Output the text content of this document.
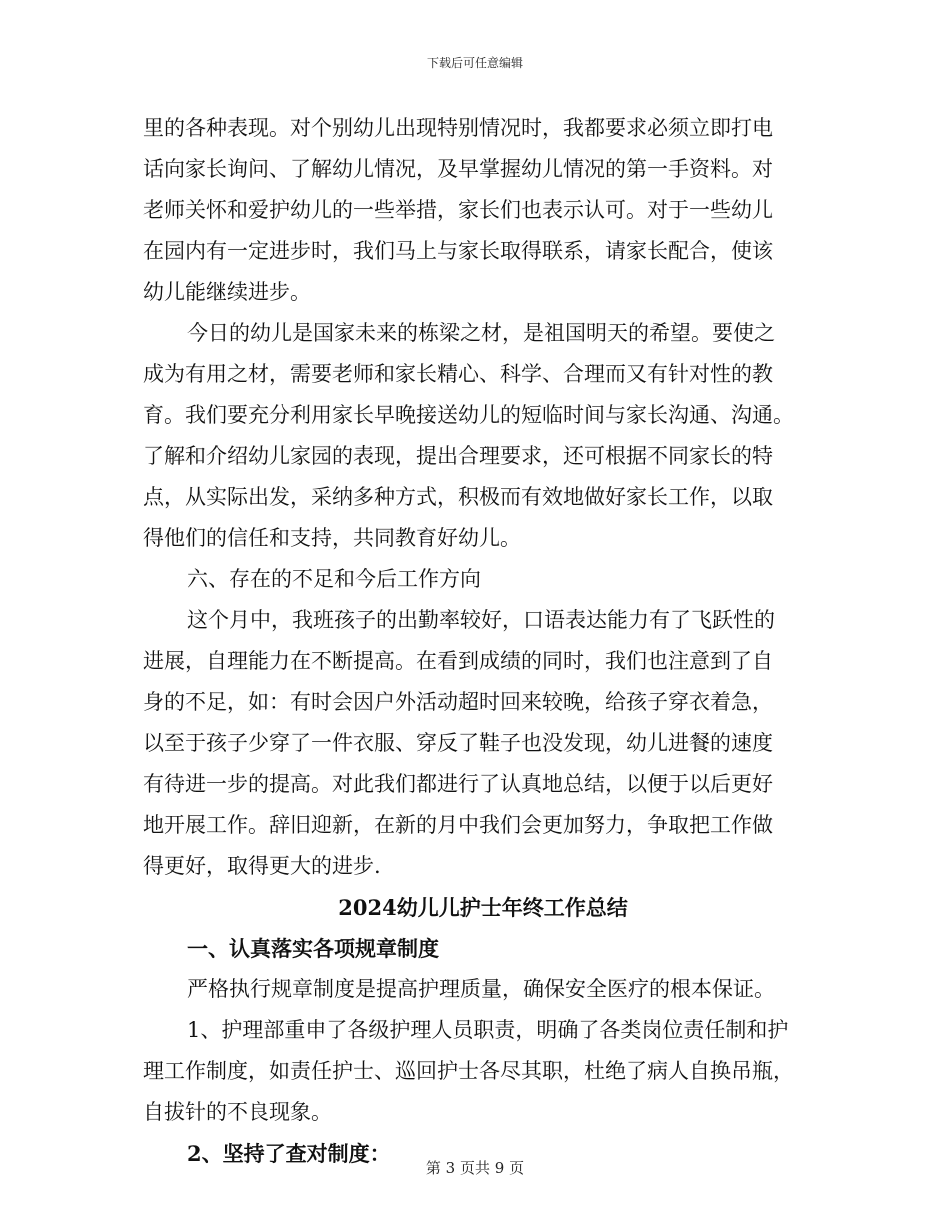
下载后可任意编辑
里的各种表现。对个别幼儿出现特别情况时，我都要求必须立即打电
话向家长询问、了解幼儿情况，及早掌握幼儿情况的第一手资料。对
老师关怀和爱护幼儿的一些举措，家长们也表示认可。对于一些幼儿
在园内有一定进步时，我们马上与家长取得联系，请家长配合，使该
幼儿能继续进步。
今日的幼儿是国家未来的栋梁之材，是祖国明天的希望。要使之
成为有用之材，需要老师和家长精心、科学、合理而又有针对性的教
育。我们要充分利用家长早晚接送幼儿的短临时间与家长沟通、沟通。
了解和介绍幼儿家园的表现，提出合理要求，还可根据不同家长的特
点，从实际出发，采纳多种方式，积极而有效地做好家长工作，以取
得他们的信任和支持，共同教育好幼儿。
六、存在的不足和今后工作方向
这个月中，我班孩子的出勤率较好，口语表达能力有了飞跃性的
进展，自理能力在不断提高。在看到成绩的同时，我们也注意到了自
身的不足，如：有时会因户外活动超时回来较晚，给孩子穿衣着急，
以至于孩子少穿了一件衣服、穿反了鞋子也没发现，幼儿进餐的速度
有待进一步的提高。对此我们都进行了认真地总结，以便于以后更好
地开展工作。辞旧迎新，在新的月中我们会更加努力，争取把工作做
得更好，取得更大的进步.
2024幼儿儿护士年终工作总结
一、认真落实各项规章制度
严格执行规章制度是提高护理质量，确保安全医疗的根本保证。
1、护理部重申了各级护理人员职责，明确了各类岗位责任制和护
理工作制度，如责任护士、巡回护士各尽其职，杜绝了病人自换吊瓶，
自拔针的不良现象。
2、坚持了查对制度：
第 3 页共 9 页
